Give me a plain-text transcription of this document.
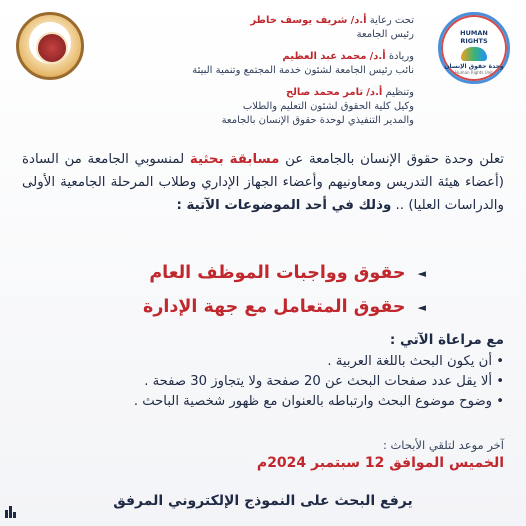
HUMAN
RIGHTS
وحدة حقوق الإنسان
Human Rights Unit
تحت رعاية أ.د/ شريف يوسف خاطر
رئيس الجامعة
وريادة أ.د/ محمد عبد العظيم
نائب رئيس الجامعة لشئون خدمة المجتمع وتنمية البيئة
وتنظيم أ.د/ تامر محمد صالح
وكيل كلية الحقوق لشئون التعليم والطلاب
والمدير التنفيذي لوحدة حقوق الإنسان بالجامعة
تعلن وحدة حقوق الإنسان بالجامعة عن مسابقة بحثية لمنسوبي الجامعة من السادة (أعضاء هيئة التدريس ومعاونيهم وأعضاء الجهاز الإداري وطلاب المرحلة الجامعية الأولى والدراسات العليا) .. وذلك في أحد الموضوعات الآتية :
◄
حقوق وواجبات الموظف العام
◄
حقوق المتعامل مع جهة الإدارة
مع مراعاة الآتي :
• أن يكون البحث باللغة العربية .
• ألا يقل عدد صفحات البحث عن 20 صفحة ولا يتجاوز 30 صفحة .
• وضوح موضوع البحث وارتباطه بالعنوان مع ظهور شخصية الباحث .
آخر موعد لتلقي الأبحاث :
الخميس الموافق 12 سبتمبر 2024م
يرفع البحث على النموذج الإلكتروني المرفق
